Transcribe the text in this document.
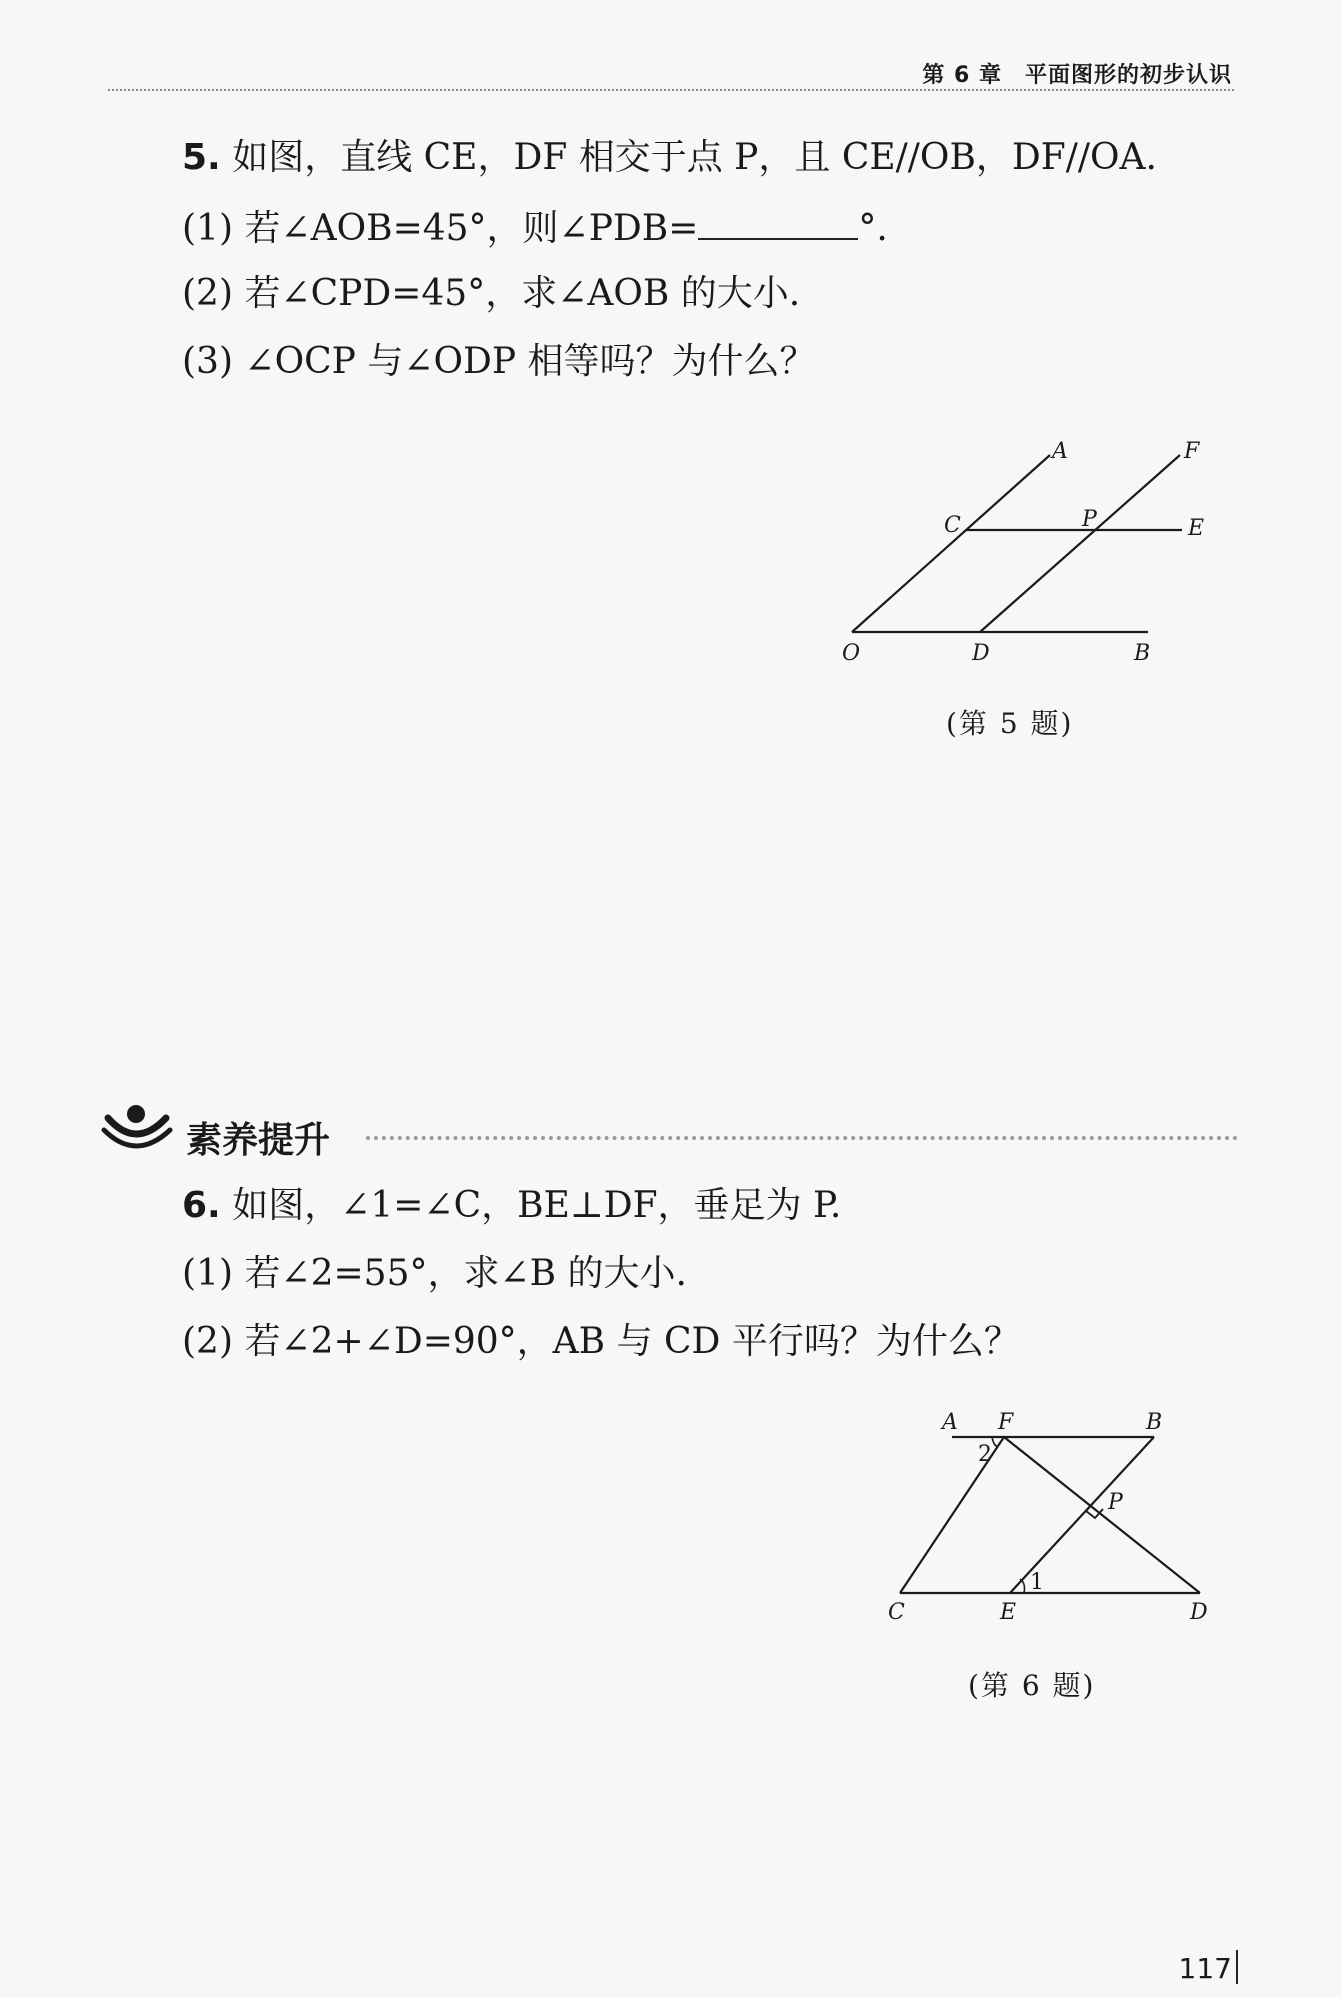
第 6 章　平面图形的初步认识
5. 如图，直线 CE，DF 相交于点 P，且 CE//OB，DF//OA.
(1) 若∠AOB=45°，则∠PDB=	°.
(2) 若∠CPD=45°，求∠AOB 的大小.
(3) ∠OCP 与∠ODP 相等吗？为什么？
A	F
C	P	E
O	D	B
(第 5 题)
素养提升
6. 如图，∠1=∠C，BE⊥DF，垂足为 P.
(1) 若∠2=55°，求∠B 的大小.
(2) 若∠2+∠D=90°，AB 与 CD 平行吗？为什么？
A F	B
2
P
1
C	E	D
(第 6 题)
117
